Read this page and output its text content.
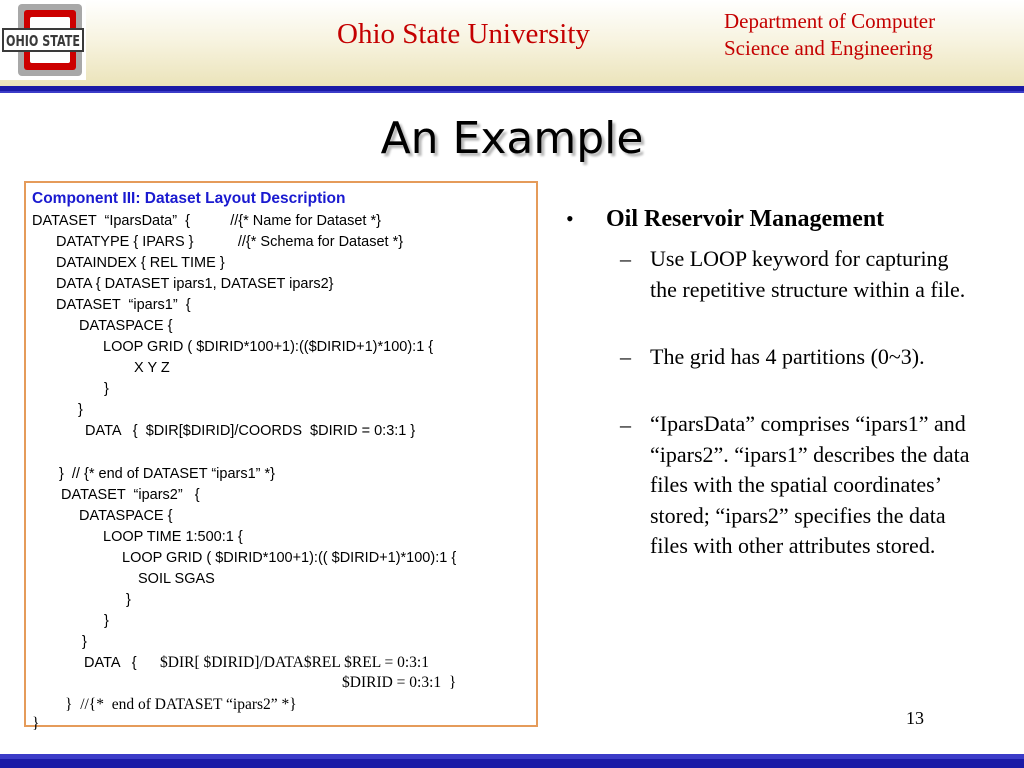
OHIO STATE	Ohio State University	Department of Computer
Science and Engineering
An Example
Component III: Dataset Layout Description
DATASET  “IparsData”  {          //{* Name for Dataset *}
DATATYPE { IPARS }           //{* Schema for Dataset *}
DATAINDEX { REL TIME }
DATA { DATASET ipars1, DATASET ipars2}
DATASET  “ipars1”  {
DATASPACE {
LOOP GRID ( $DIRID*100+1):(($DIRID+1)*100):1 {
X Y Z
}
}
DATA   {  $DIR[$DIRID]/COORDS  $DIRID = 0:3:1 }
}  // {* end of DATASET “ipars1” *}
DATASET  “ipars2”   {
DATASPACE {
LOOP TIME 1:500:1 {
LOOP GRID ( $DIRID*100+1):(( $DIRID+1)*100):1 {
SOIL SGAS
}
}
}
DATA   { $DIR[ $DIRID]/DATA$REL $REL = 0:3:1
$DIRID = 0:3:1  }
}  //{*  end of DATASET “ipars2” *}
}
• Oil Reservoir Management
– Use LOOP keyword for capturing the repetitive structure within a file.
– The grid has 4 partitions (0~3).
– “IparsData” comprises “ipars1” and “ipars2”. “ipars1” describes the data files with the spatial coordinates’ stored; “ipars2” specifies the data files with other attributes stored.
13
